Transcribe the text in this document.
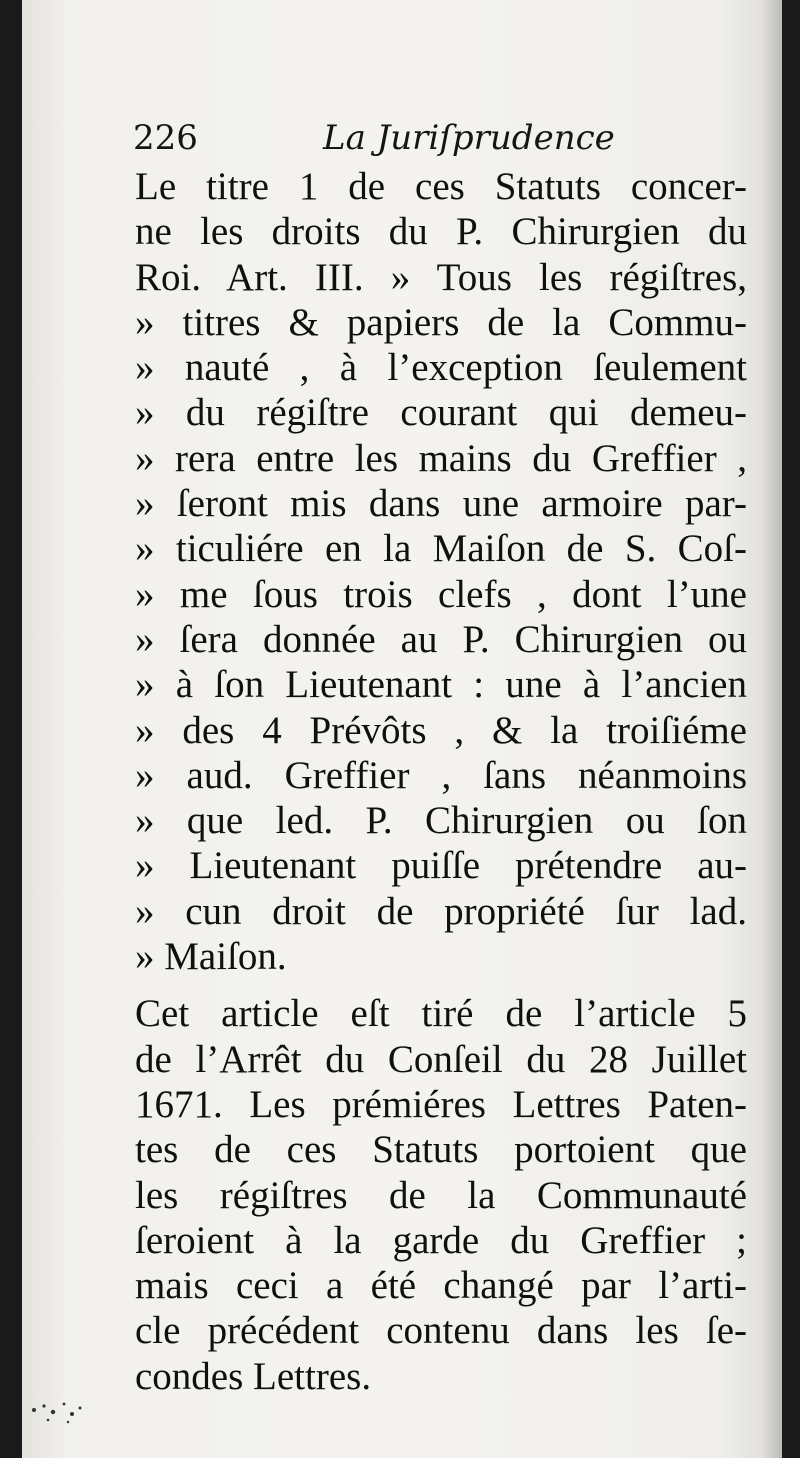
226	La Juriſprudence
Le titre 1 de ces Statuts concer-
ne les droits du P. Chirurgien du
Roi. Art. III. » Tous les régiſtres,
» titres & papiers de la Commu-
» nauté , à l’exception ſeulement
» du régiſtre courant qui demeu-
» rera entre les mains du Greffier ,
» ſeront mis dans une armoire par-
» ticuliére en la Maiſon de S. Coſ-
» me ſous trois clefs , dont l’une
» ſera donnée au P. Chirurgien ou
» à ſon Lieutenant : une à l’ancien
» des 4 Prévôts , & la troiſiéme
» aud. Greffier , ſans néanmoins
» que led. P. Chirurgien ou ſon
» Lieutenant puiſſe prétendre au-
» cun droit de propriété ſur lad.
» Maiſon.
Cet article eſt tiré de l’article 5
de l’Arrêt du Conſeil du 28 Juillet
1671. Les prémiéres Lettres Paten-
tes de ces Statuts portoient que
les régiſtres de la Communauté
ſeroient à la garde du Greffier ;
mais ceci a été changé par l’arti-
cle précédent contenu dans les ſe-
condes Lettres.
